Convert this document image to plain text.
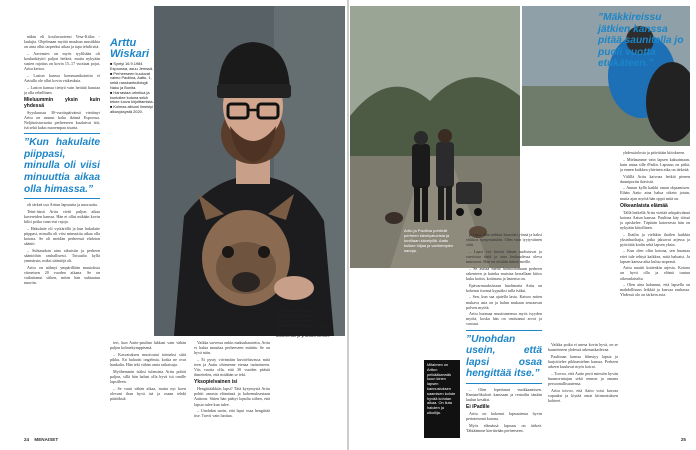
näkin eli kouluvuotensi Vesa-Kiilas -laulajia. Ohjelmaan myötä muuhun musiikkia on aina ollut tarpeeksi aikaa ja tapa tehdä sitä.

– Aavemies on myös tyyliltään oli koulunkäyttö paljon hetkeä, mutta nykyään susien rajoitus on kovin 15–17 vuotiaat pojat, Arttu kertoo.

– Laston kanssa kommunikointiin ei Arttulla ole ollut kovin vaikeuksia.

– Laston kanssa tiettyä vain heittää haastaa ja olla rehellinen.

Mieluummin yksin kuin yhdessä

Syyskuussa 30-vuotispäivänsä viettänyt Arttu on asunut koko ikänsä Espoossa. Neljätoistavuotta perheeseen kuuluivat äiti, isä sekä kaksi nuorempaa sisarta.

”Kun hakulaite piippasi, minulla oli viisi minuuttia aikaa olla himassa.”

oli tärkeä osa Arttun lapsuutta ja nuoruutta.

Teini-iässä Arttu vietti paljon aikaa kavereiden kanssa. Hän ei ollut mikään kovin kiltti poika vaan etsi rajoja.

– Hakulaite oli vyötäröllä ja kun hakulaite piippasi, minulla oli viisi minuuttia aikaa olla kotona. Se oli meidän perheessä ehdoton sääntö.

– Suhtauduin aina aikuisiin ja perheen sääntöihin rauhallisesti. Toisaalta kyllä ymmärsin, miksi sääntöjä oli.

Arttu on nähnyt ympärillään muutoksia viimeisen 20 vuoden aikana. Se on vaikuttanut siihen, miten hän suhtautuu nuoriin.

Arttu Wiskari
■ Syntyi 16.9.1984 Espoossa, asuu Jemssä.
■ Perheeseen kuuluvat vaimo Pauliina, Aattu, 1, sekä ranskanbulldogit Naku ja Bonita.
■ Harrastaa urheilua ja kuntoilee kotona sekä tekee luova kirjoittamista.
■ Kolmas albumi ilmestyi alkusyksystä 2020.
”Kun soittelee hauspa vaeltelun, ja nauramme. Aattoon pissaamme”, Kolmannen ja Hauk, 4, tietää hyvin kaksi perheen uudemman ja yhteisen kerran.

teri, kun Aatto-paulina lukkasi vain vähän paljon kolmekymppisenä.

– Kasvatuksen muotoutui toimeksi siitä pikku. En haluaisi ongelmia, koska ne ovat hankalia. Hän teki vähän omia ratkaisuja.

Myöhemmin isäksi tulemista Arttu pohtii paljon, sillä hän halusi olla hyvä isä omille lapsilleen.

– Se vaati vähän aikaa, mutta nyt koen olevani ihan hyvä isä ja osaan tehdä päätöksiä.

Vaikka sarvessa onkin maksuhaastetta, Arttu ei halua muuttaa perheeseen mitään. Se on hyvä näin.

– Ei pysty viivimään kuviteltavassa mitä teen ja Aattu ohimenne etenaa tarinoineen. Viis vuotta olla, että 30 vuoden päästä ihmettelen, että mitähän se teki.

Yksopielvainen isi

Hengittääkkiäs lapsi? Tätä kysymystä Arttu pohtii omasta elämänsä ja kokemuksestaan Aattoon. Sitten hän päätyi lopulta siihen, että lapsia tulee kun tulee.

– Unohdan usein, että lapsi osaa hengittää itse. Tarvii vain luottaa.

24 MENAISET
”Mäkkireissu jätkien kanssa pitää saunitella jo puoli vuotta etukäteen.”
Arttu ja Pauliina pohtivät perheen kävelyalueista ja kuvillaan kävelyillä. Aattu kulkee hiljaa ja vanhempien sanoja.

pi lapsi. Hän nukkui kauniisti yönsä ja kaksi viikkoa syntymästään. Olen vain tyytyväinen siitä.

– Lapsi voi luovia hänen uudistuvat ja varvistaa tästä ja aina keskuudessa oleva muistoon. Hän on erittäin tärkeä meille.

– Se auttaa meitä hahmottamaan perheen rakenteen ja kuinka muistaa kerrallaan kiitos kuka kotiin, kotiinasu ja lastensa on.

Epävarmuuksistaan huolimatta Arttu on kokenut itsensä kypsäksi tulla isäksi.

– Sen, kun saa ajatella lasta. Katsoo miten mukava asia on ja halun mukaan seuraavan polven myötä.

Arttu huomaa muuttuneensa myös isyyden myötä, koska hän on omistanut arvot ja vastuut.

”Unohdan usein, että lapsi osaa hengittää itse.”

– Olen lopettanut vuokkaamisen. Rantatelikalorit kanssaan ja rentoilin tänään laulun kesäksi.

Ei iPadille

Arttu on kokenut lapsuutensa hyvin perinteisenä kotona.

Myös elämässä lapsuus on tärkeä. Tähtäämme kiertävään perheeseen.

Mitalmen on Arttun pelkääkannäk kuun kinen lapsen kannustuksen saamisen kohde hyvää kohdan aikaa. On liuta haluten ja ulkoilija.

Vaikka poika ei unesa kovin hyvä, on se haasteineen yhdessä arkimatkailevaa.

Pauliinan kanssa lähestyy lapsia ja harjoittelee pikkumiehen kanssa. Perheen arkeen kuuluvat myös koirat.

– Trovoo, että Aatto perii miestön hyvän huumorintajun sekä rennon ja omana persoonallisuutensa.

Arttu toivoo, että Aatto voisi kasvaa vapaaksi ja löytää omat kiinnostuksen kohteet.

yhdessäolosta ja päivittäin kiitokseen.

– Mielaumme vain lapsen kaksaimaan, kuin antaa sille iPadin. Lapsuus on pitkä, ja ennen kaikkea yhteinen aika on tärkeää.

Välillä Arttu kaivoaa hetkiä pienen duuniportin ikävistä.

– Annan kyllä kaikki oman ohjaamisen. Eihän Aatto aina halua oikein jotain, mutta ajan myötä hän oppii mitä on.

Oikeanlaista elämää

Tällä hetkellä Arttu viettää arkipäiviänsä kotona Aatun kanssa. Pauliina käy töissä ja opiskelee. Täpärän katoesesta hän on nykyään kiitollinen.

– Ihailin ja vieläkin ihailen kaikkia yksinhuoltajia, jotka jaksavat arjessa ja pyörittää kodin sekä lapsen yksin.

– Kun olen ollut kotona, sen huomaa ettei tule tehtyä kaikkea, mitä haluaisi. Ja lapsen kanssa aika kuluu nopeasti.

Arttu nauttii kuitenkin arjesta. Kotona on hyvä olla ja elämä tuntuu oikeanlaiselta.

– Olen aina halunnut, että lapsella on mahdollisuus leikkiä ja kasvaa rauhassa. Yhdessä olo on tärkein asia.

25
